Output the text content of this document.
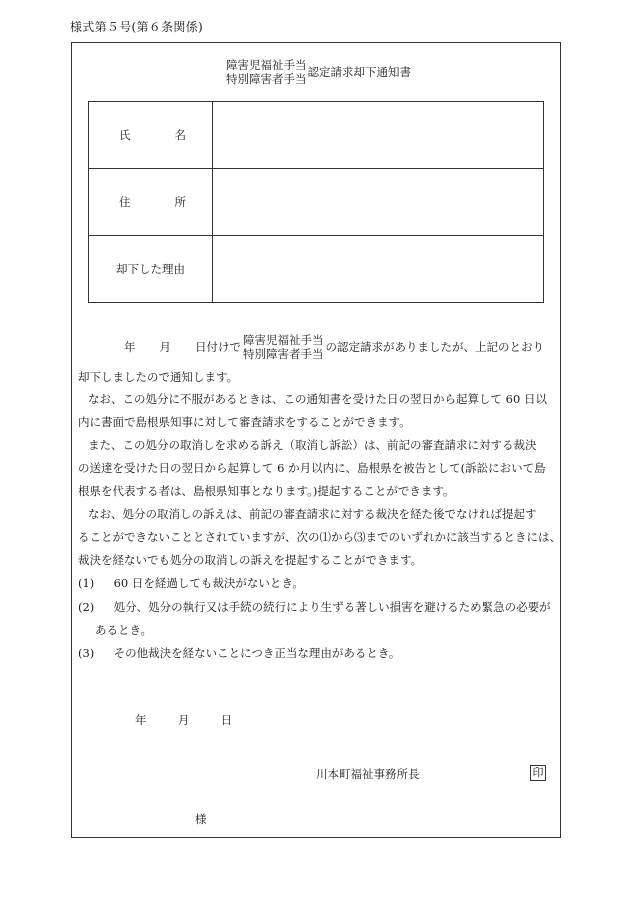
様式第５号(第６条関係)
障害児福祉手当
特別障害者手当 認定請求却下通知書
氏 名	

住 所	

却下した理由	

年 月 日付けで 障害児福祉手当
特別障害者手当 の認定請求がありましたが、上記のとおり
却下しましたので通知します。
なお、この処分に不服があるときは、この通知書を受けた日の翌日から起算して 60 日以
内に書面で島根県知事に対して審査請求をすることができます。
また、この処分の取消しを求める訴え（取消し訴訟）は、前記の審査請求に対する裁決
の送達を受けた日の翌日から起算して 6 か月以内に、島根県を被告として(訴訟において島
根県を代表する者は、島根県知事となります。)提起することができます。
なお、処分の取消しの訴えは、前記の審査請求に対する裁決を経た後でなければ提起す
ることができないこととされていますが、次の⑴から⑶までのいずれかに該当するときには、
裁決を経ないでも処分の取消しの訴えを提起することができます。
(1) 60 日を経過しても裁決がないとき。
(2) 処分、処分の執行又は手続の続行により生ずる著しい損害を避けるため緊急の必要が
あるとき。
(3) その他裁決を経ないことにつき正当な理由があるとき。
年	月	日
川本町福祉事務所長	印
様
